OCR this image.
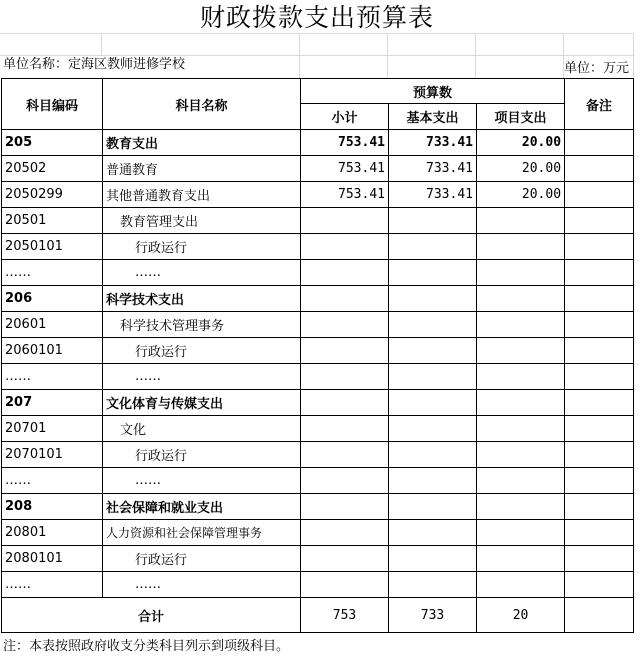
财政拨款支出预算表
单位名称：定海区教师进修学校	单位：万元
科目编码	科目名称	预算数			备注
		小计	基本支出	项目支出	
205	教育支出	753.41	733.41	20.00	
20502	普通教育	753.41	733.41	20.00	
2050299	其他普通教育支出	753.41	733.41	20.00	
20501	教育管理支出				
2050101	行政运行				
……	……				
206	科学技术支出				
20601	科学技术管理事务				
2060101	行政运行				
……	……				
207	文化体育与传媒支出				
20701	文化				
2070101	行政运行				
……	……				
208	社会保障和就业支出				
20801	人力资源和社会保障管理事务				
2080101	行政运行				
……	……				
合计		753	733	20	
注：本表按照政府收支分类科目列示到项级科目。
